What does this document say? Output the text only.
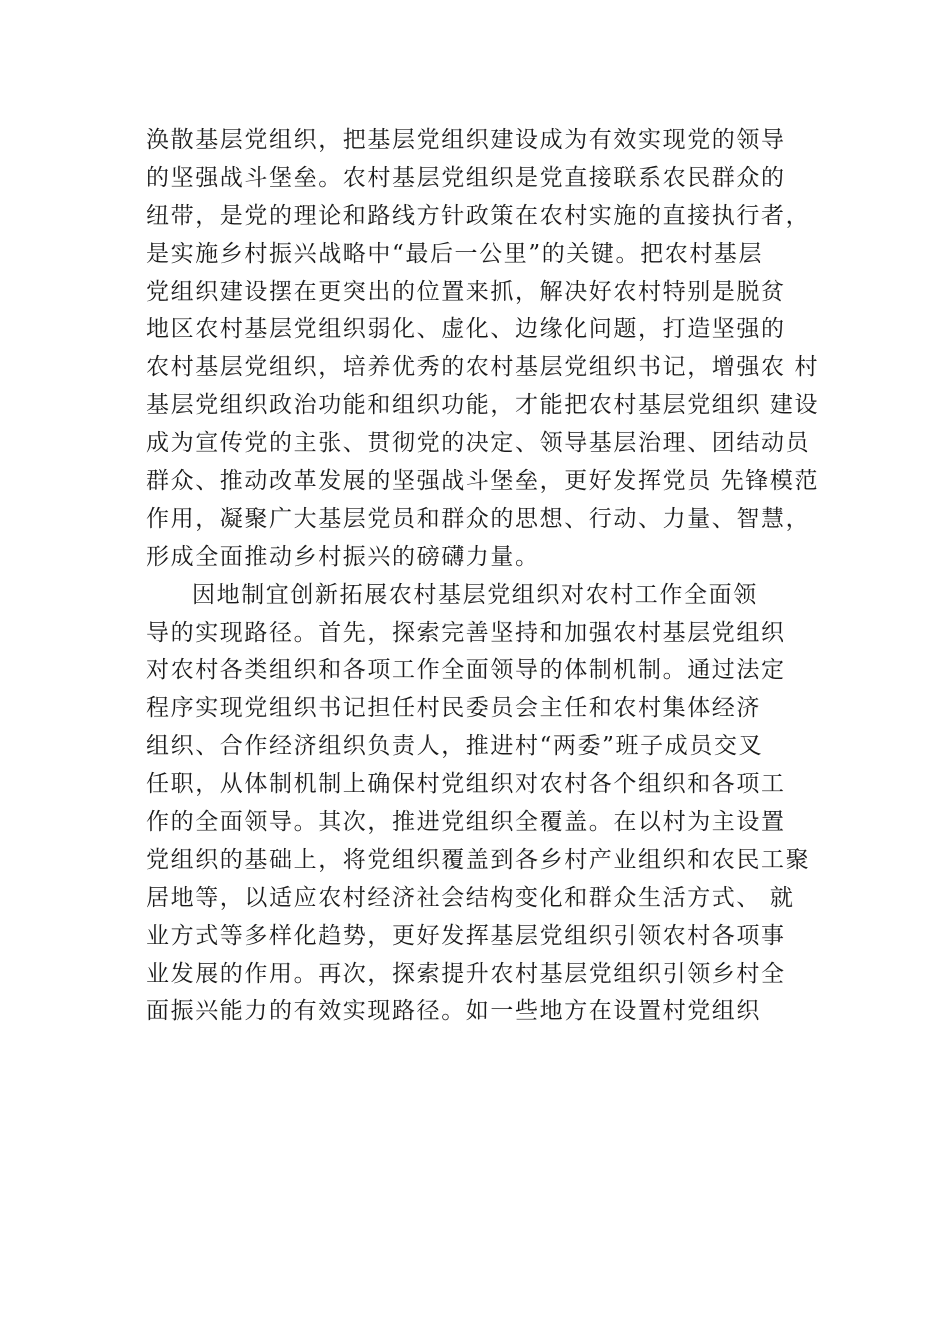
涣散基层党组织，把基层党组织建设成为有效实现党的领导
的坚强战斗堡垒。农村基层党组织是党直接联系农民群众的
纽带，是党的理论和路线方针政策在农村实施的直接执行者，
是实施乡村振兴战略中“最后一公里”的关键。把农村基层
党组织建设摆在更突出的位置来抓，解决好农村特别是脱贫
地区农村基层党组织弱化、虚化、边缘化问题，打造坚强的
农村基层党组织，培养优秀的农村基层党组织书记，增强农 村
基层党组织政治功能和组织功能，才能把农村基层党组织 建设
成为宣传党的主张、贯彻党的决定、领导基层治理、团结动员
群众、推动改革发展的坚强战斗堡垒，更好发挥党员 先锋模范
作用，凝聚广大基层党员和群众的思想、行动、力量、智慧，
形成全面推动乡村振兴的磅礴力量。
因地制宜创新拓展农村基层党组织对农村工作全面领
导的实现路径。首先，探索完善坚持和加强农村基层党组织
对农村各类组织和各项工作全面领导的体制机制。通过法定
程序实现党组织书记担任村民委员会主任和农村集体经济
组织、合作经济组织负责人，推进村“两委”班子成员交叉
任职，从体制机制上确保村党组织对农村各个组织和各项工
作的全面领导。其次，推进党组织全覆盖。在以村为主设置
党组织的基础上，将党组织覆盖到各乡村产业组织和农民工聚
居地等，以适应农村经济社会结构变化和群众生活方式、 就
业方式等多样化趋势，更好发挥基层党组织引领农村各项事
业发展的作用。再次，探索提升农村基层党组织引领乡村全
面振兴能力的有效实现路径。如一些地方在设置村党组织
